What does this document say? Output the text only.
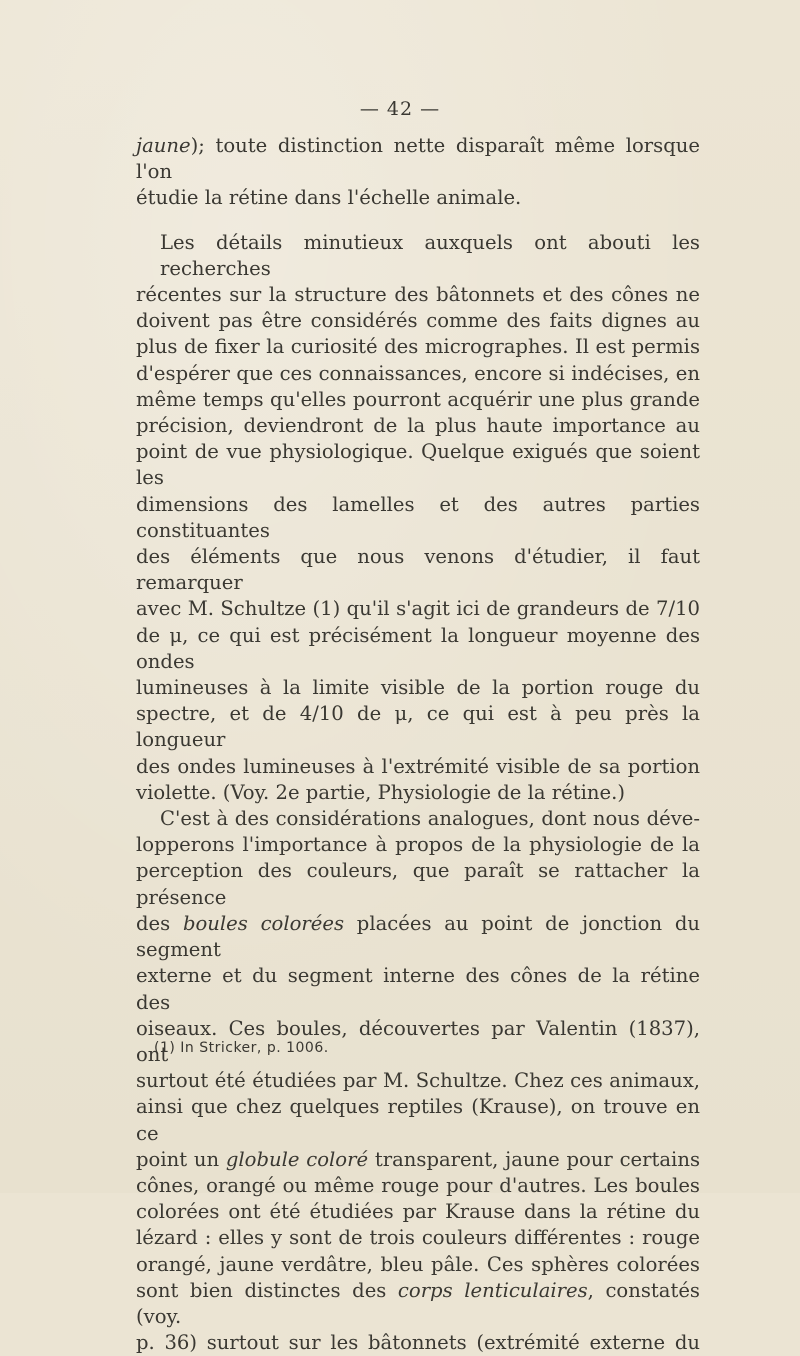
— 42 —

jaune); toute distinction nette disparaît même lorsque l'on
étudie la rétine dans l'échelle animale.

Les détails minutieux auxquels ont abouti les recherches
récentes sur la structure des bâtonnets et des cônes ne
doivent pas être considérés comme des faits dignes au
plus de fixer la curiosité des micrographes. Il est permis
d'espérer que ces connaissances, encore si indécises, en
même temps qu'elles pourront acquérir une plus grande
précision, deviendront de la plus haute importance au
point de vue physiologique. Quelque exigués que soient les
dimensions des lamelles et des autres parties constituantes
des éléments que nous venons d'étudier, il faut remarquer
avec M. Schultze (1) qu'il s'agit ici de grandeurs de 7/10
de μ, ce qui est précisément la longueur moyenne des ondes
lumineuses à la limite visible de la portion rouge du
spectre, et de 4/10 de μ, ce qui est à peu près la longueur
des ondes lumineuses à l'extrémité visible de sa portion
violette. (Voy. 2e partie, Physiologie de la rétine.)

C'est à des considérations analogues, dont nous déve-
lopperons l'importance à propos de la physiologie de la
perception des couleurs, que paraît se rattacher la présence
des boules colorées placées au point de jonction du segment
externe et du segment interne des cônes de la rétine des
oiseaux. Ces boules, découvertes par Valentin (1837), ont
surtout été étudiées par M. Schultze. Chez ces animaux,
ainsi que chez quelques reptiles (Krause), on trouve en ce
point un globule coloré transparent, jaune pour certains
cônes, orangé ou même rouge pour d'autres. Les boules
colorées ont été étudiées par Krause dans la rétine du
lézard : elles y sont de trois couleurs différentes : rouge
orangé, jaune verdâtre, bleu pâle. Ces sphères colorées
sont bien distinctes des corps lenticulaires, constatés (voy.
p. 36) surtout sur les bâtonnets (extrémité externe du

(1) In Stricker, p. 1006.
